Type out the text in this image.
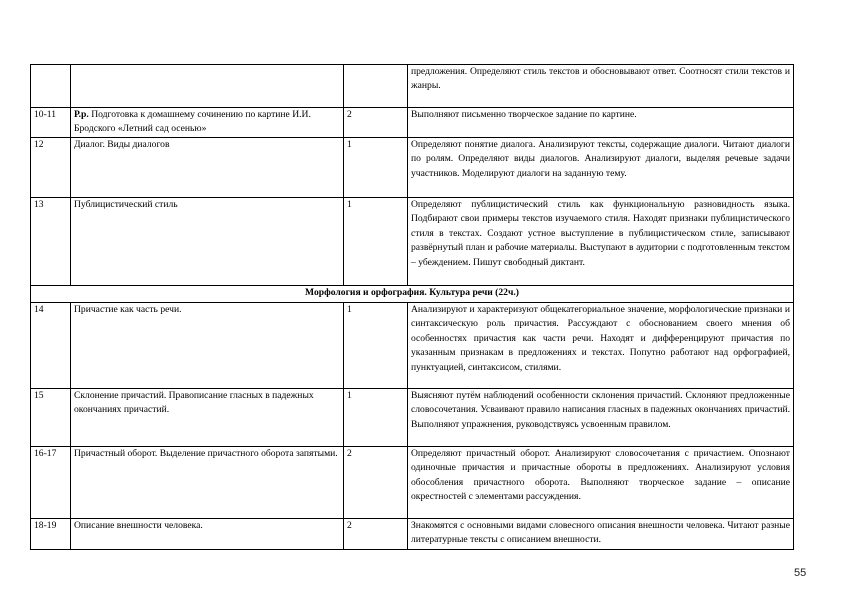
			предложения. Определяют стиль текстов и обосновывают ответ. Соотносят стили текстов и жанры.
10-11	Р.р. Подготовка к домашнему сочинению по картине И.И. Бродского «Летний сад осенью»	2	Выполняют письменно творческое задание по картине.
12	Диалог. Виды диалогов	1	Определяют понятие диалога. Анализируют тексты, содержащие диалоги. Читают диалоги по ролям. Определяют виды диалогов. Анализируют диалоги, выделяя речевые задачи участников. Моделируют диалоги на заданную тему.
13	Публицистический стиль	1	Определяют публицистический стиль как функциональную разновидность языка. Подбирают свои примеры текстов изучаемого стиля. Находят признаки публицистического стиля в текстах. Создают устное выступление в публицистическом стиле, записывают развёрнутый план и рабочие материалы. Выступают в аудитории с подготовленным текстом – убеждением. Пишут свободный диктант.
Морфология и орфография. Культура речи (22ч.)			
14	Причастие как часть речи.	1	Анализируют и характеризуют общекатегориальное значение, морфологические признаки и синтаксическую роль причастия. Рассуждают с обоснованием своего мнения об особенностях причастия как части речи. Находят и дифференцируют причастия по указанным признакам в предложениях и текстах. Попутно работают над орфографией, пунктуацией, синтаксисом, стилями.
15	Склонение причастий. Правописание гласных в падежных окончаниях причастий.	1	Выясняют путём наблюдений особенности склонения причастий. Склоняют предложенные словосочетания. Усваивают правило написания гласных в падежных окончаниях причастий. Выполняют упражнения, руководствуясь усвоенным правилом.
16-17	Причастный оборот. Выделение причастного оборота запятыми.	2	Определяют причастный оборот. Анализируют словосочетания с причастием. Опознают одиночные причастия и причастные обороты в предложениях. Анализируют условия обособления причастного оборота. Выполняют творческое задание – описание окрестностей с элементами рассуждения.
18-19	Описание внешности человека.	2	Знакомятся с основными видами словесного описания внешности человека. Читают разные литературные тексты с описанием внешности.
55
